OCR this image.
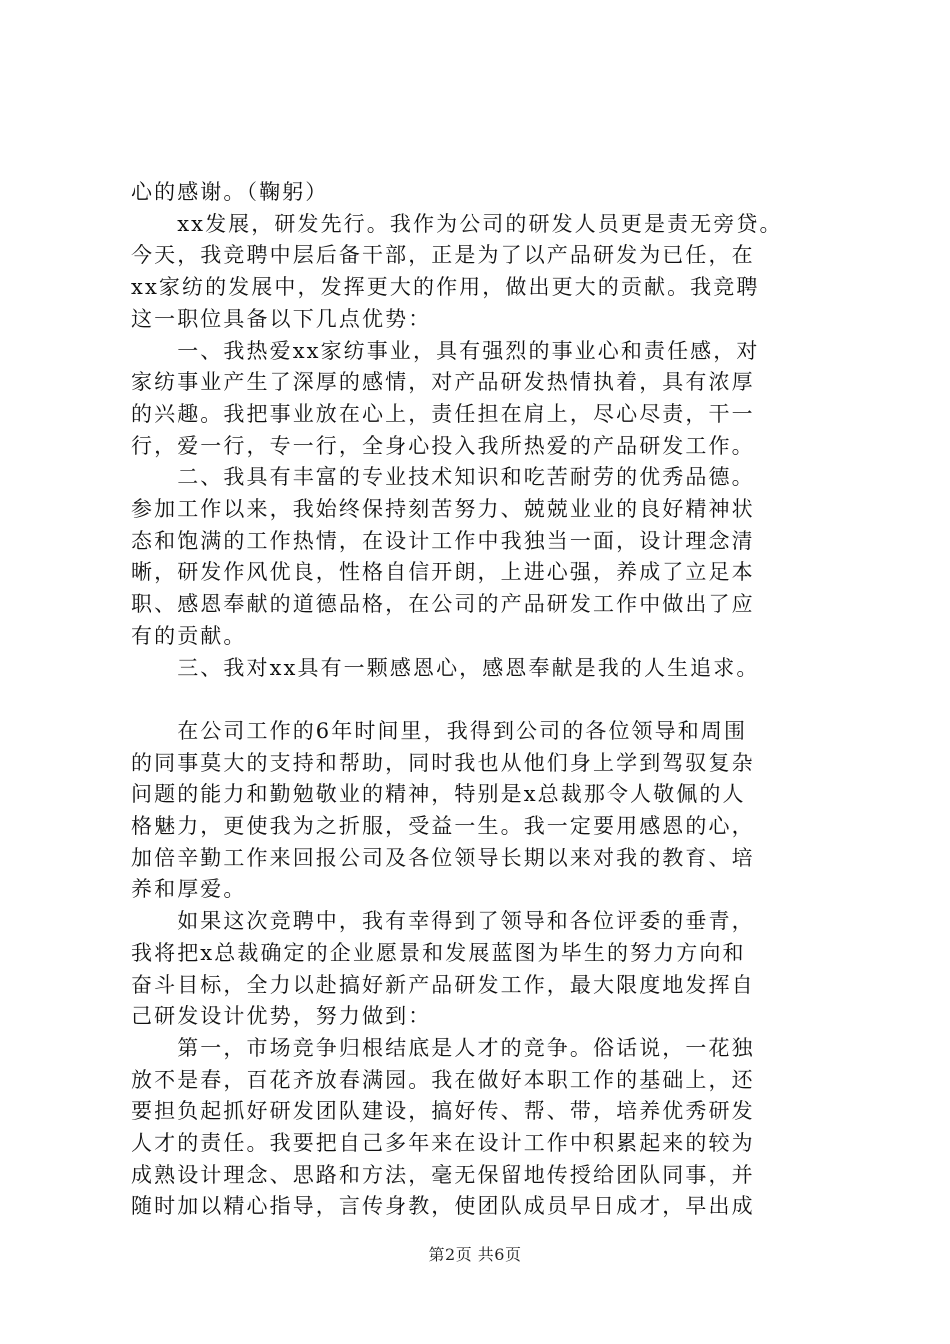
心的感谢。（鞠躬）
　　xx发展，研发先行。我作为公司的研发人员更是责无旁贷。
今天，我竞聘中层后备干部，正是为了以产品研发为已任，在
xx家纺的发展中，发挥更大的作用，做出更大的贡献。我竞聘
这一职位具备以下几点优势：
　　一、我热爱xx家纺事业，具有强烈的事业心和责任感，对
家纺事业产生了深厚的感情，对产品研发热情执着，具有浓厚
的兴趣。我把事业放在心上，责任担在肩上，尽心尽责，干一
行，爱一行，专一行，全身心投入我所热爱的产品研发工作。
　　二、我具有丰富的专业技术知识和吃苦耐劳的优秀品德。
参加工作以来，我始终保持刻苦努力、兢兢业业的良好精神状
态和饱满的工作热情，在设计工作中我独当一面，设计理念清
晰，研发作风优良，性格自信开朗，上进心强，养成了立足本
职、感恩奉献的道德品格，在公司的产品研发工作中做出了应
有的贡献。
　　三、我对xx具有一颗感恩心，感恩奉献是我的人生追求。
　　在公司工作的6年时间里，我得到公司的各位领导和周围
的同事莫大的支持和帮助，同时我也从他们身上学到驾驭复杂
问题的能力和勤勉敬业的精神，特别是x总裁那令人敬佩的人
格魅力，更使我为之折服，受益一生。我一定要用感恩的心，
加倍辛勤工作来回报公司及各位领导长期以来对我的教育、培
养和厚爱。
　　如果这次竞聘中，我有幸得到了领导和各位评委的垂青，
我将把x总裁确定的企业愿景和发展蓝图为毕生的努力方向和
奋斗目标，全力以赴搞好新产品研发工作，最大限度地发挥自
己研发设计优势，努力做到：
　　第一，市场竞争归根结底是人才的竞争。俗话说，一花独
放不是春，百花齐放春满园。我在做好本职工作的基础上，还
要担负起抓好研发团队建设，搞好传、帮、带，培养优秀研发
人才的责任。我要把自己多年来在设计工作中积累起来的较为
成熟设计理念、思路和方法，毫无保留地传授给团队同事，并
随时加以精心指导，言传身教，使团队成员早日成才，早出成
第2页 共6页
